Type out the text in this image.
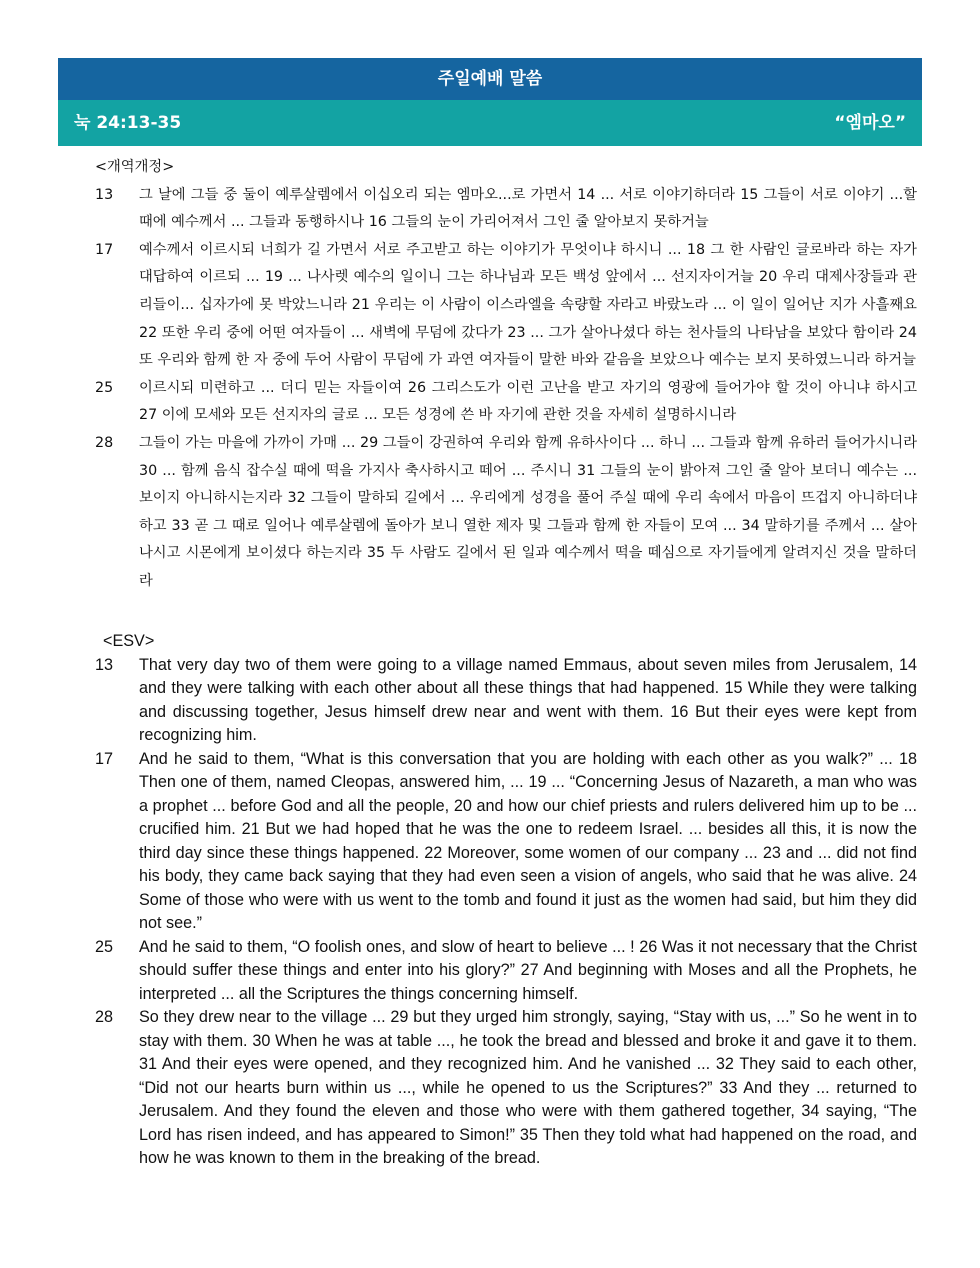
주일예배 말씀
눅 24:13-35	“엠마오”
<개역개정>
13	그 날에 그들 중 둘이 예루살렘에서 이십오리 되는 엠마오...로 가면서 14 ... 서로 이야기하더라 15 그들이 서로 이야기 ...할 때에 예수께서 ... 그들과 동행하시나 16 그들의 눈이 가리어져서 그인 줄 알아보지 못하거늘
17	예수께서 이르시되 너희가 길 가면서 서로 주고받고 하는 이야기가 무엇이냐 하시니 ... 18 그 한 사람인 글로바라 하는 자가 대답하여 이르되 ... 19 ... 나사렛 예수의 일이니 그는 하나님과 모든 백성 앞에서 ... 선지자이거늘 20 우리 대제사장들과 관리들이... 십자가에 못 박았느니라 21 우리는 이 사람이 이스라엘을 속량할 자라고 바랐노라 ... 이 일이 일어난 지가 사흘째요 22 또한 우리 중에 어떤 여자들이 ... 새벽에 무덤에 갔다가 23 ... 그가 살아나셨다 하는 천사들의 나타남을 보았다 함이라 24 또 우리와 함께 한 자 중에 두어 사람이 무덤에 가 과연 여자들이 말한 바와 같음을 보았으나 예수는 보지 못하였느니라 하거늘
25	이르시되 미련하고 ... 더디 믿는 자들이여 26 그리스도가 이런 고난을 받고 자기의 영광에 들어가야 할 것이 아니냐 하시고 27 이에 모세와 모든 선지자의 글로 ... 모든 성경에 쓴 바 자기에 관한 것을 자세히 설명하시니라
28	그들이 가는 마을에 가까이 가매 ... 29 그들이 강권하여 우리와 함께 유하사이다 ... 하니 ... 그들과 함께 유하러 들어가시니라 30 ... 함께 음식 잡수실 때에 떡을 가지사 축사하시고 떼어 ... 주시니 31 그들의 눈이 밝아져 그인 줄 알아 보더니 예수는 ... 보이지 아니하시는지라 32 그들이 말하되 길에서 ... 우리에게 성경을 풀어 주실 때에 우리 속에서 마음이 뜨겁지 아니하더냐 하고 33 곧 그 때로 일어나 예루살렘에 돌아가 보니 열한 제자 및 그들과 함께 한 자들이 모여 ... 34 말하기를 주께서 ... 살아나시고 시몬에게 보이셨다 하는지라 35 두 사람도 길에서 된 일과 예수께서 떡을 떼심으로 자기들에게 알려지신 것을 말하더라
<ESV>
13	That very day two of them were going to a village named Emmaus, about seven miles from Jerusalem, 14 and they were talking with each other about all these things that had happened. 15 While they were talking and discussing together, Jesus himself drew near and went with them. 16 But their eyes were kept from recognizing him.
17	And he said to them, “What is this conversation that you are holding with each other as you walk?” ... 18 Then one of them, named Cleopas, answered him, ... 19 ... “Concerning Jesus of Nazareth, a man who was a prophet ... before God and all the people, 20 and how our chief priests and rulers delivered him up to be ... crucified him. 21 But we had hoped that he was the one to redeem Israel. ... besides all this, it is now the third day since these things happened. 22 Moreover, some women of our company ... 23 and ... did not find his body, they came back saying that they had even seen a vision of angels, who said that he was alive. 24 Some of those who were with us went to the tomb and found it just as the women had said, but him they did not see.”
25	And he said to them, “O foolish ones, and slow of heart to believe ... ! 26 Was it not necessary that the Christ should suffer these things and enter into his glory?” 27 And beginning with Moses and all the Prophets, he interpreted ... all the Scriptures the things concerning himself.
28	So they drew near to the village ... 29 but they urged him strongly, saying, “Stay with us, ...” So he went in to stay with them. 30 When he was at table ..., he took the bread and blessed and broke it and gave it to them. 31 And their eyes were opened, and they recognized him. And he vanished ... 32 They said to each other, “Did not our hearts burn within us ..., while he opened to us the Scriptures?” 33 And they ... returned to Jerusalem. And they found the eleven and those who were with them gathered together, 34 saying, “The Lord has risen indeed, and has appeared to Simon!” 35 Then they told what had happened on the road, and how he was known to them in the breaking of the bread.
